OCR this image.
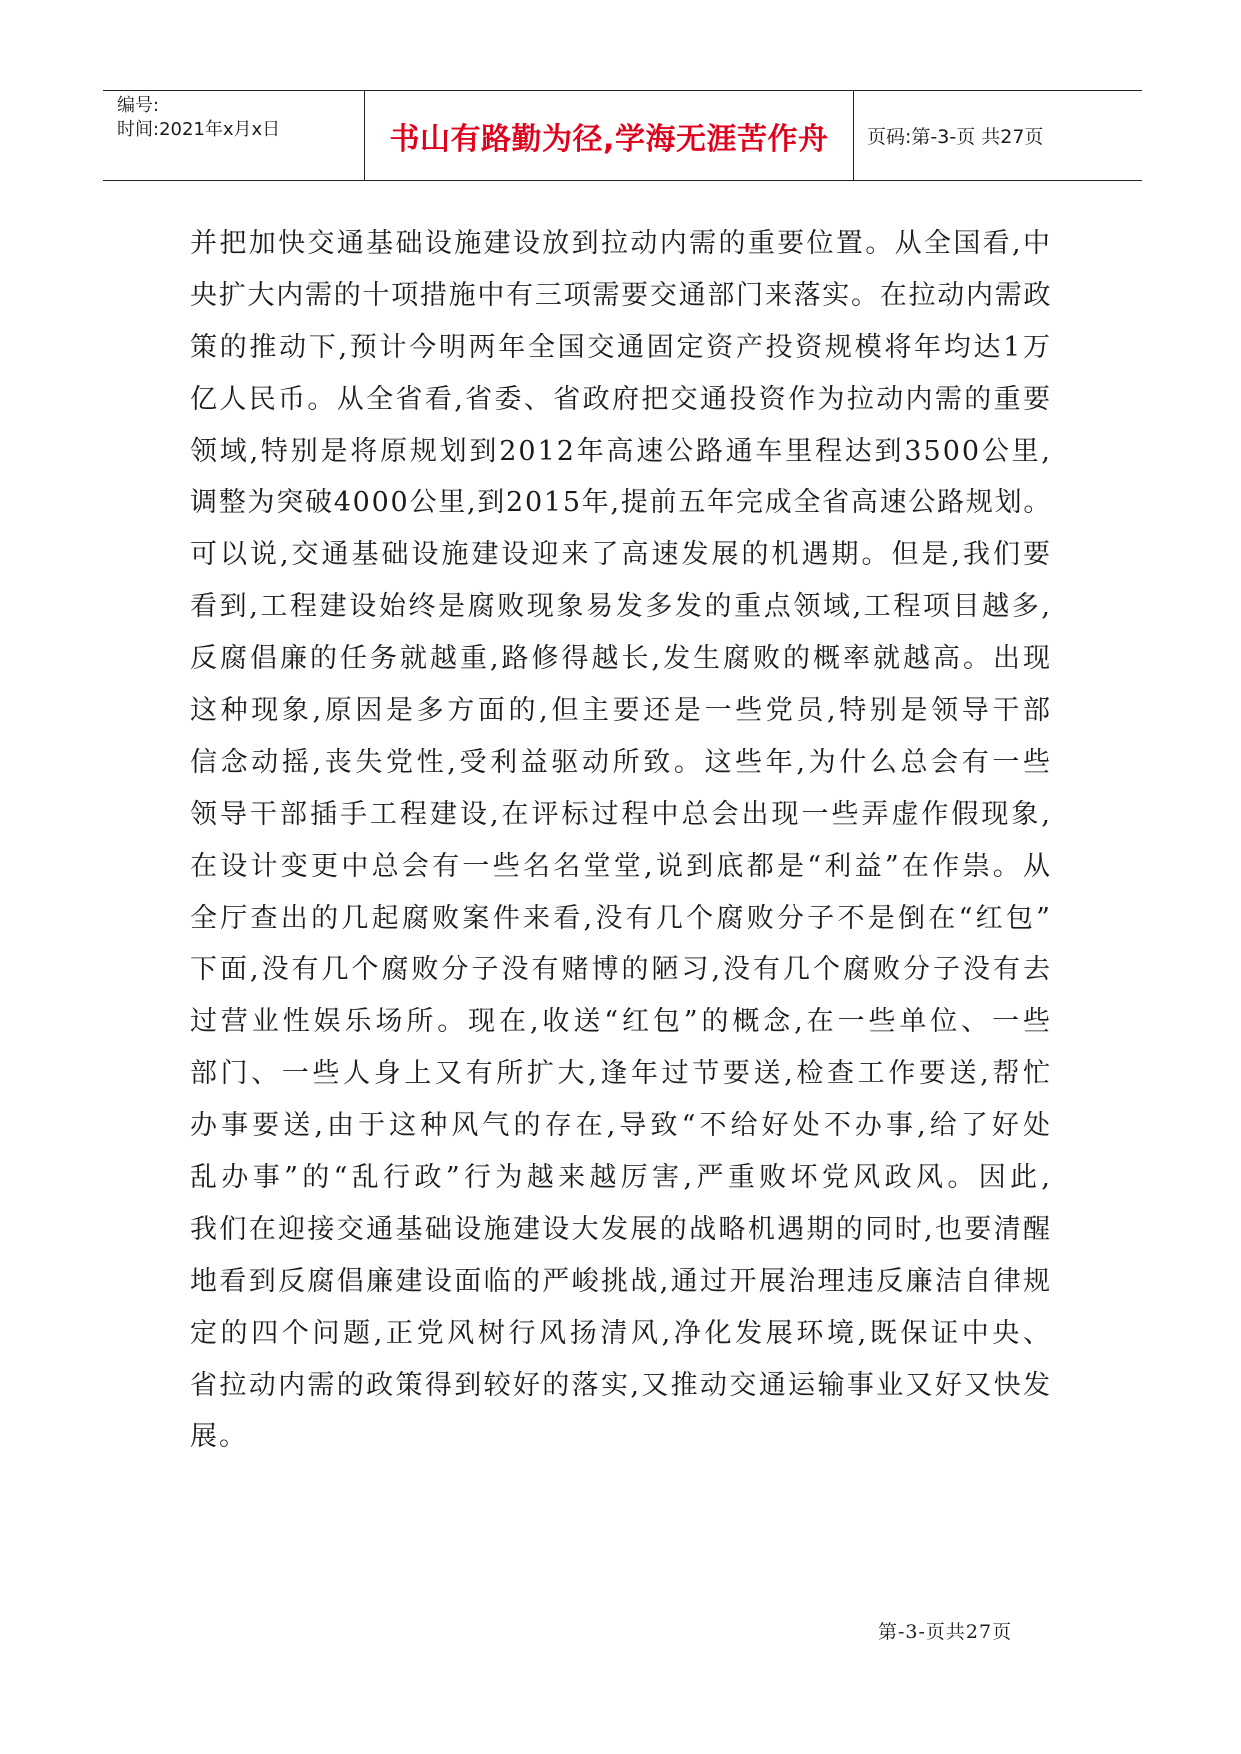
编号:
时间:2021年x月x日	书山有路勤为径,学海无涯苦作舟	页码:第-3-页 共27页
并把加快交通基础设施建设放到拉动内需的重要位置。从全国看,中
央扩大内需的十项措施中有三项需要交通部门来落实。在拉动内需政
策的推动下,预计今明两年全国交通固定资产投资规模将年均达1万
亿人民币。从全省看,省委、省政府把交通投资作为拉动内需的重要
领域,特别是将原规划到2012年高速公路通车里程达到3500公里,
调整为突破4000公里,到2015年,提前五年完成全省高速公路规划。
可以说,交通基础设施建设迎来了高速发展的机遇期。但是,我们要
看到,工程建设始终是腐败现象易发多发的重点领域,工程项目越多,
反腐倡廉的任务就越重,路修得越长,发生腐败的概率就越高。出现
这种现象,原因是多方面的,但主要还是一些党员,特别是领导干部
信念动摇,丧失党性,受利益驱动所致。这些年,为什么总会有一些
领导干部插手工程建设,在评标过程中总会出现一些弄虚作假现象,
在设计变更中总会有一些名名堂堂,说到底都是“利益”在作祟。从
全厅查出的几起腐败案件来看,没有几个腐败分子不是倒在“红包”
下面,没有几个腐败分子没有赌博的陋习,没有几个腐败分子没有去
过营业性娱乐场所。现在,收送“红包”的概念,在一些单位、一些
部门、一些人身上又有所扩大,逢年过节要送,检查工作要送,帮忙
办事要送,由于这种风气的存在,导致“不给好处不办事,给了好处
乱办事”的“乱行政”行为越来越厉害,严重败坏党风政风。因此,
我们在迎接交通基础设施建设大发展的战略机遇期的同时,也要清醒
地看到反腐倡廉建设面临的严峻挑战,通过开展治理违反廉洁自律规
定的四个问题,正党风树行风扬清风,净化发展环境,既保证中央、
省拉动内需的政策得到较好的落实,又推动交通运输事业又好又快发
展。
第-3-页共27页
